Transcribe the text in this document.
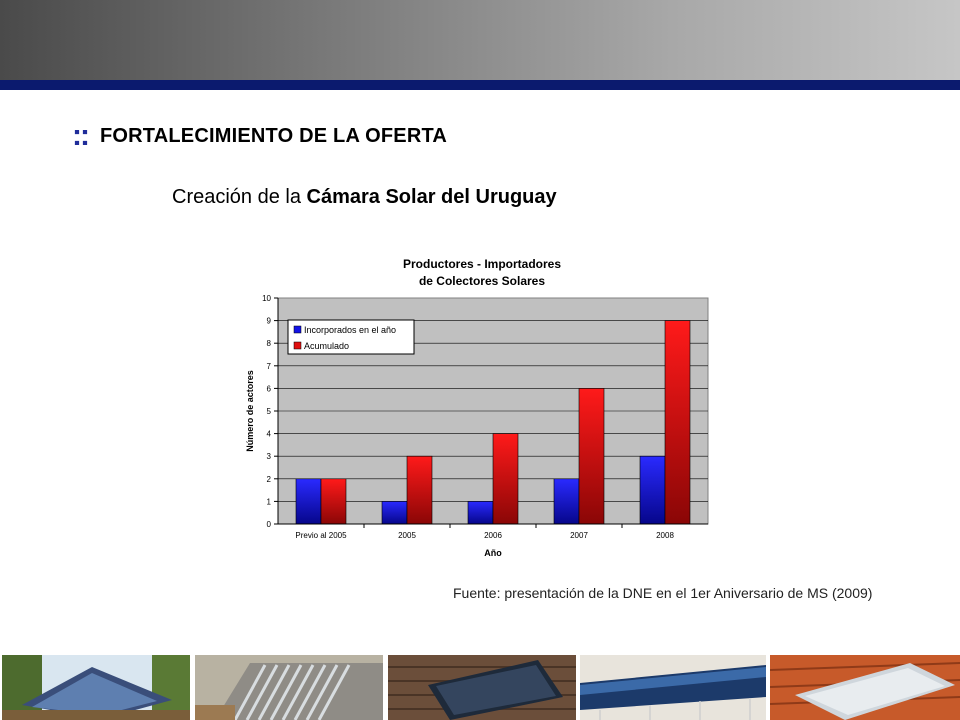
:: FORTALECIMIENTO DE LA OFERTA
Creación de la Cámara Solar del Uruguay
Productores - Importadores
de Colectores Solares
0
1
2
3
4
5
6
7
8
9
10
Previo al 2005	2005	2006	2007	2008
Número de actores
Año
Incorporados en el año
Acumulado
Fuente: presentación de la DNE en el 1er Aniversario de MS (2009)
